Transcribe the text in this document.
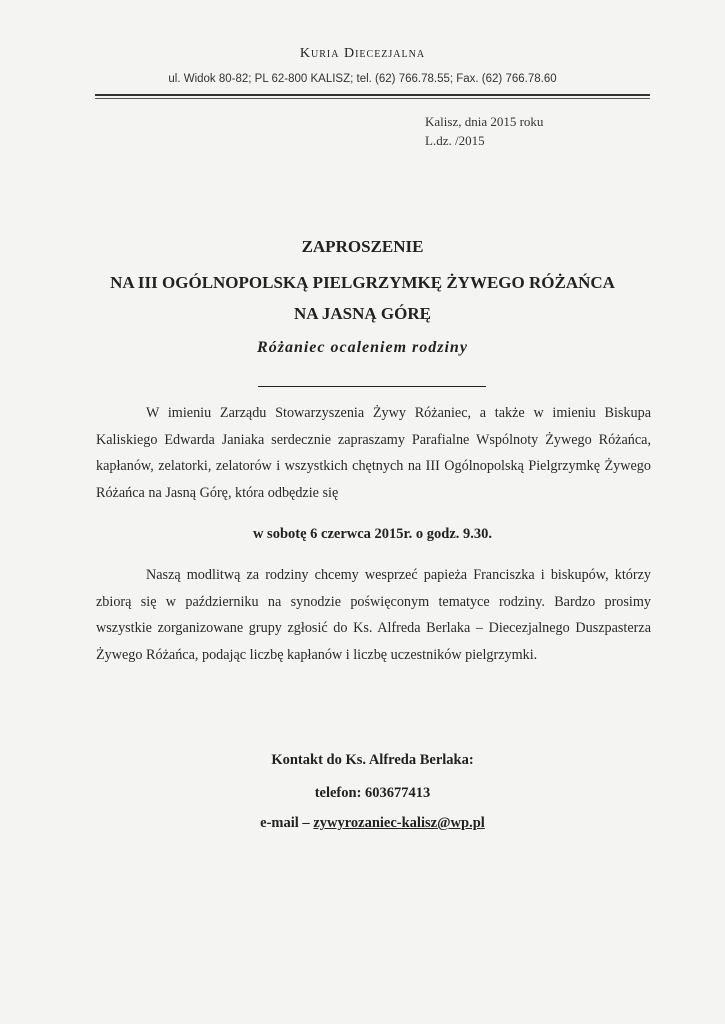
Kuria Diecezjalna
ul. Widok 80-82; PL 62-800 KALISZ; tel. (62) 766.78.55; Fax. (62) 766.78.60
Kalisz, dnia 2015 roku
L.dz. /2015
ZAPROSZENIE
NA III OGÓLNOPOLSKĄ PIELGRZYMKĘ ŻYWEGO RÓŻAŃCA
NA JASNĄ GÓRĘ
Różaniec ocaleniem rodziny
W imieniu Zarządu Stowarzyszenia Żywy Różaniec, a także w imieniu Biskupa Kaliskiego Edwarda Janiaka serdecznie zapraszamy Parafialne Wspólnoty Żywego Różańca, kapłanów, zelatorki, zelatorów i wszystkich chętnych na III Ogólnopolską Pielgrzymkę Żywego Różańca na Jasną Górę, która odbędzie się
w sobotę 6 czerwca 2015r. o godz. 9.30.
Naszą modlitwą za rodziny chcemy wesprzeć papieża Franciszka i biskupów, którzy zbiorą się w październiku na synodzie poświęconym tematyce rodziny. Bardzo prosimy wszystkie zorganizowane grupy zgłosić do Ks. Alfreda Berlaka – Diecezjalnego Duszpasterza Żywego Różańca, podając liczbę kapłanów i liczbę uczestników pielgrzymki.
Kontakt do Ks. Alfreda Berlaka:
telefon: 603677413
e-mail – zywyrozaniec-kalisz@wp.pl
